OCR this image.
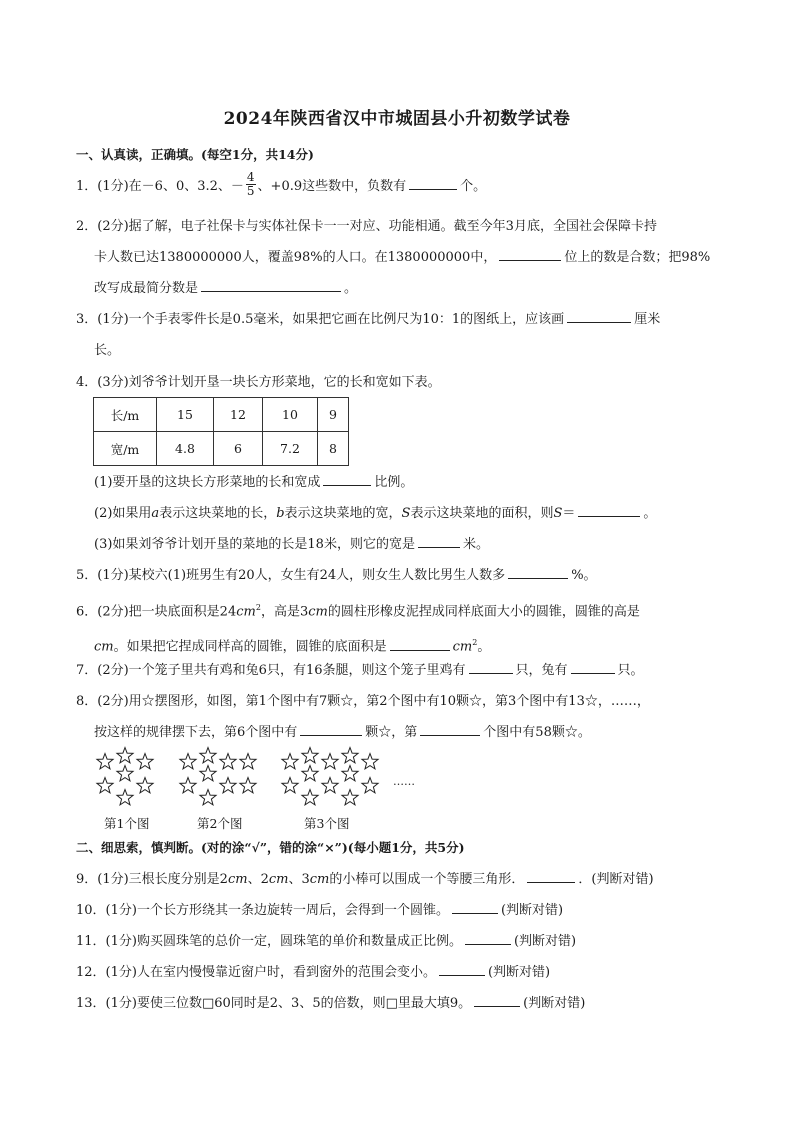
2024年陕西省汉中市城固县小升初数学试卷
一、认真读，正确填。(每空1分，共14分)
1．(1分)在－6、0、3.2、－ $\frac{4}{5}$ 、+0.9这些数中，负数有	个。
2．(2分)据了解，电子社保卡与实体社保卡一一对应、功能相通。截至今年3月底，全国社会保障卡持
卡人数已达1380000000人，覆盖98%的人口。在1380000000中，	位上的数是合数；把98%
改写成最简分数是	。
3．(1分)一个手表零件长是0.5毫米，如果把它画在比例尺为10：1的图纸上，应该画	厘米
长。
4．(3分)刘爷爷计划开垦一块长方形菜地，它的长和宽如下表。
长/m	15	12	10	9
宽/m	4.8	6	7.2	8
(1)要开垦的这块长方形菜地的长和宽成	比例。
(2)如果用a表示这块菜地的长，b表示这块菜地的宽，S表示这块菜地的面积，则S＝	。
(3)如果刘爷爷计划开垦的菜地的长是18米，则它的宽是	米。
5．(1分)某校六(1)班男生有20人，女生有24人，则女生人数比男生人数多	%。
6．(2分)把一块底面积是$24cm^2$，高是3cm的圆柱形橡皮泥捏成同样底面大小的圆锥，圆锥的高是
cm。如果把它捏成同样高的圆锥，圆锥的底面积是	$cm^2$。
7．(2分)一个笼子里共有鸡和兔6只，有16条腿，则这个笼子里鸡有	只，兔有	只。
8．(2分)用☆摆图形，如图，第1个图中有7颗☆，第2个图中有10颗☆，第3个图中有13☆，……，
按这样的规律摆下去，第6个图中有	颗☆，第	个图中有58颗☆。
……
第1个图	第2个图	第3个图
二、细思索，慎判断。(对的涂“√”，错的涂“×”)(每小题1分，共5分)
9．(1分)三根长度分别是2cm、2cm、3cm的小棒可以围成一个等腰三角形．	．(判断对错)
10．(1分)一个长方形绕其一条边旋转一周后，会得到一个圆锥。	(判断对错)
11．(1分)购买圆珠笔的总价一定，圆珠笔的单价和数量成正比例。	(判断对错)
12．(1分)人在室内慢慢靠近窗户时，看到窗外的范围会变小。	(判断对错)
13．(1分)要使三位数□60同时是2、3、5的倍数，则□里最大填9。	(判断对错)
